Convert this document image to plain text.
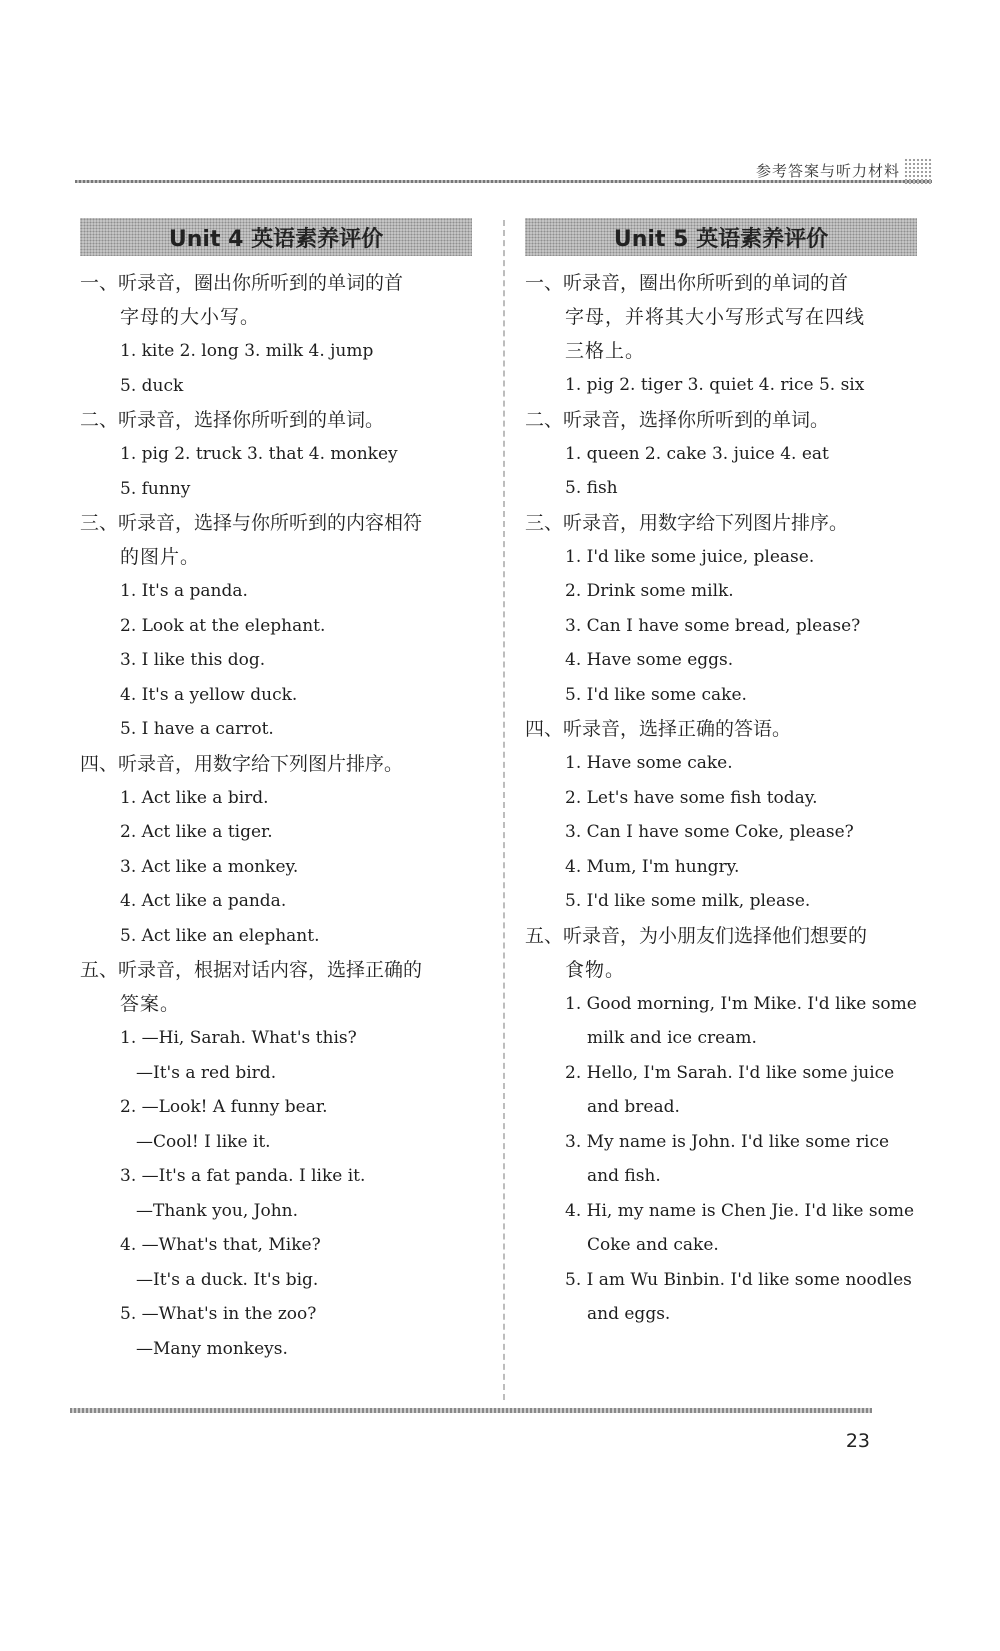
参考答案与听力材料
Unit 4 英语素养评价
一、听录音，圈出你所听到的单词的首
字母的大小写。
1. kite 2. long 3. milk 4. jump
5. duck
二、听录音，选择你所听到的单词。
1. pig 2. truck 3. that 4. monkey
5. funny
三、听录音，选择与你所听到的内容相符
的图片。
1. It's a panda.
2. Look at the elephant.
3. I like this dog.
4. It's a yellow duck.
5. I have a carrot.
四、听录音，用数字给下列图片排序。
1. Act like a bird.
2. Act like a tiger.
3. Act like a monkey.
4. Act like a panda.
5. Act like an elephant.
五、听录音，根据对话内容，选择正确的
答案。
1. —Hi, Sarah. What's this?
—It's a red bird.
2. —Look! A funny bear.
—Cool! I like it.
3. —It's a fat panda. I like it.
—Thank you, John.
4. —What's that, Mike?
—It's a duck. It's big.
5. —What's in the zoo?
—Many monkeys.
Unit 5 英语素养评价
一、听录音，圈出你所听到的单词的首
字母，并将其大小写形式写在四线
三格上。
1. pig 2. tiger 3. quiet 4. rice 5. six
二、听录音，选择你所听到的单词。
1. queen 2. cake 3. juice 4. eat
5. fish
三、听录音，用数字给下列图片排序。
1. I'd like some juice, please.
2. Drink some milk.
3. Can I have some bread, please?
4. Have some eggs.
5. I'd like some cake.
四、听录音，选择正确的答语。
1. Have some cake.
2. Let's have some fish today.
3. Can I have some Coke, please?
4. Mum, I'm hungry.
5. I'd like some milk, please.
五、听录音，为小朋友们选择他们想要的
食物。
1. Good morning, I'm Mike. I'd like some
milk and ice cream.
2. Hello, I'm Sarah. I'd like some juice
and bread.
3. My name is John. I'd like some rice
and fish.
4. Hi, my name is Chen Jie. I'd like some
Coke and cake.
5. I am Wu Binbin. I'd like some noodles
and eggs.
23
